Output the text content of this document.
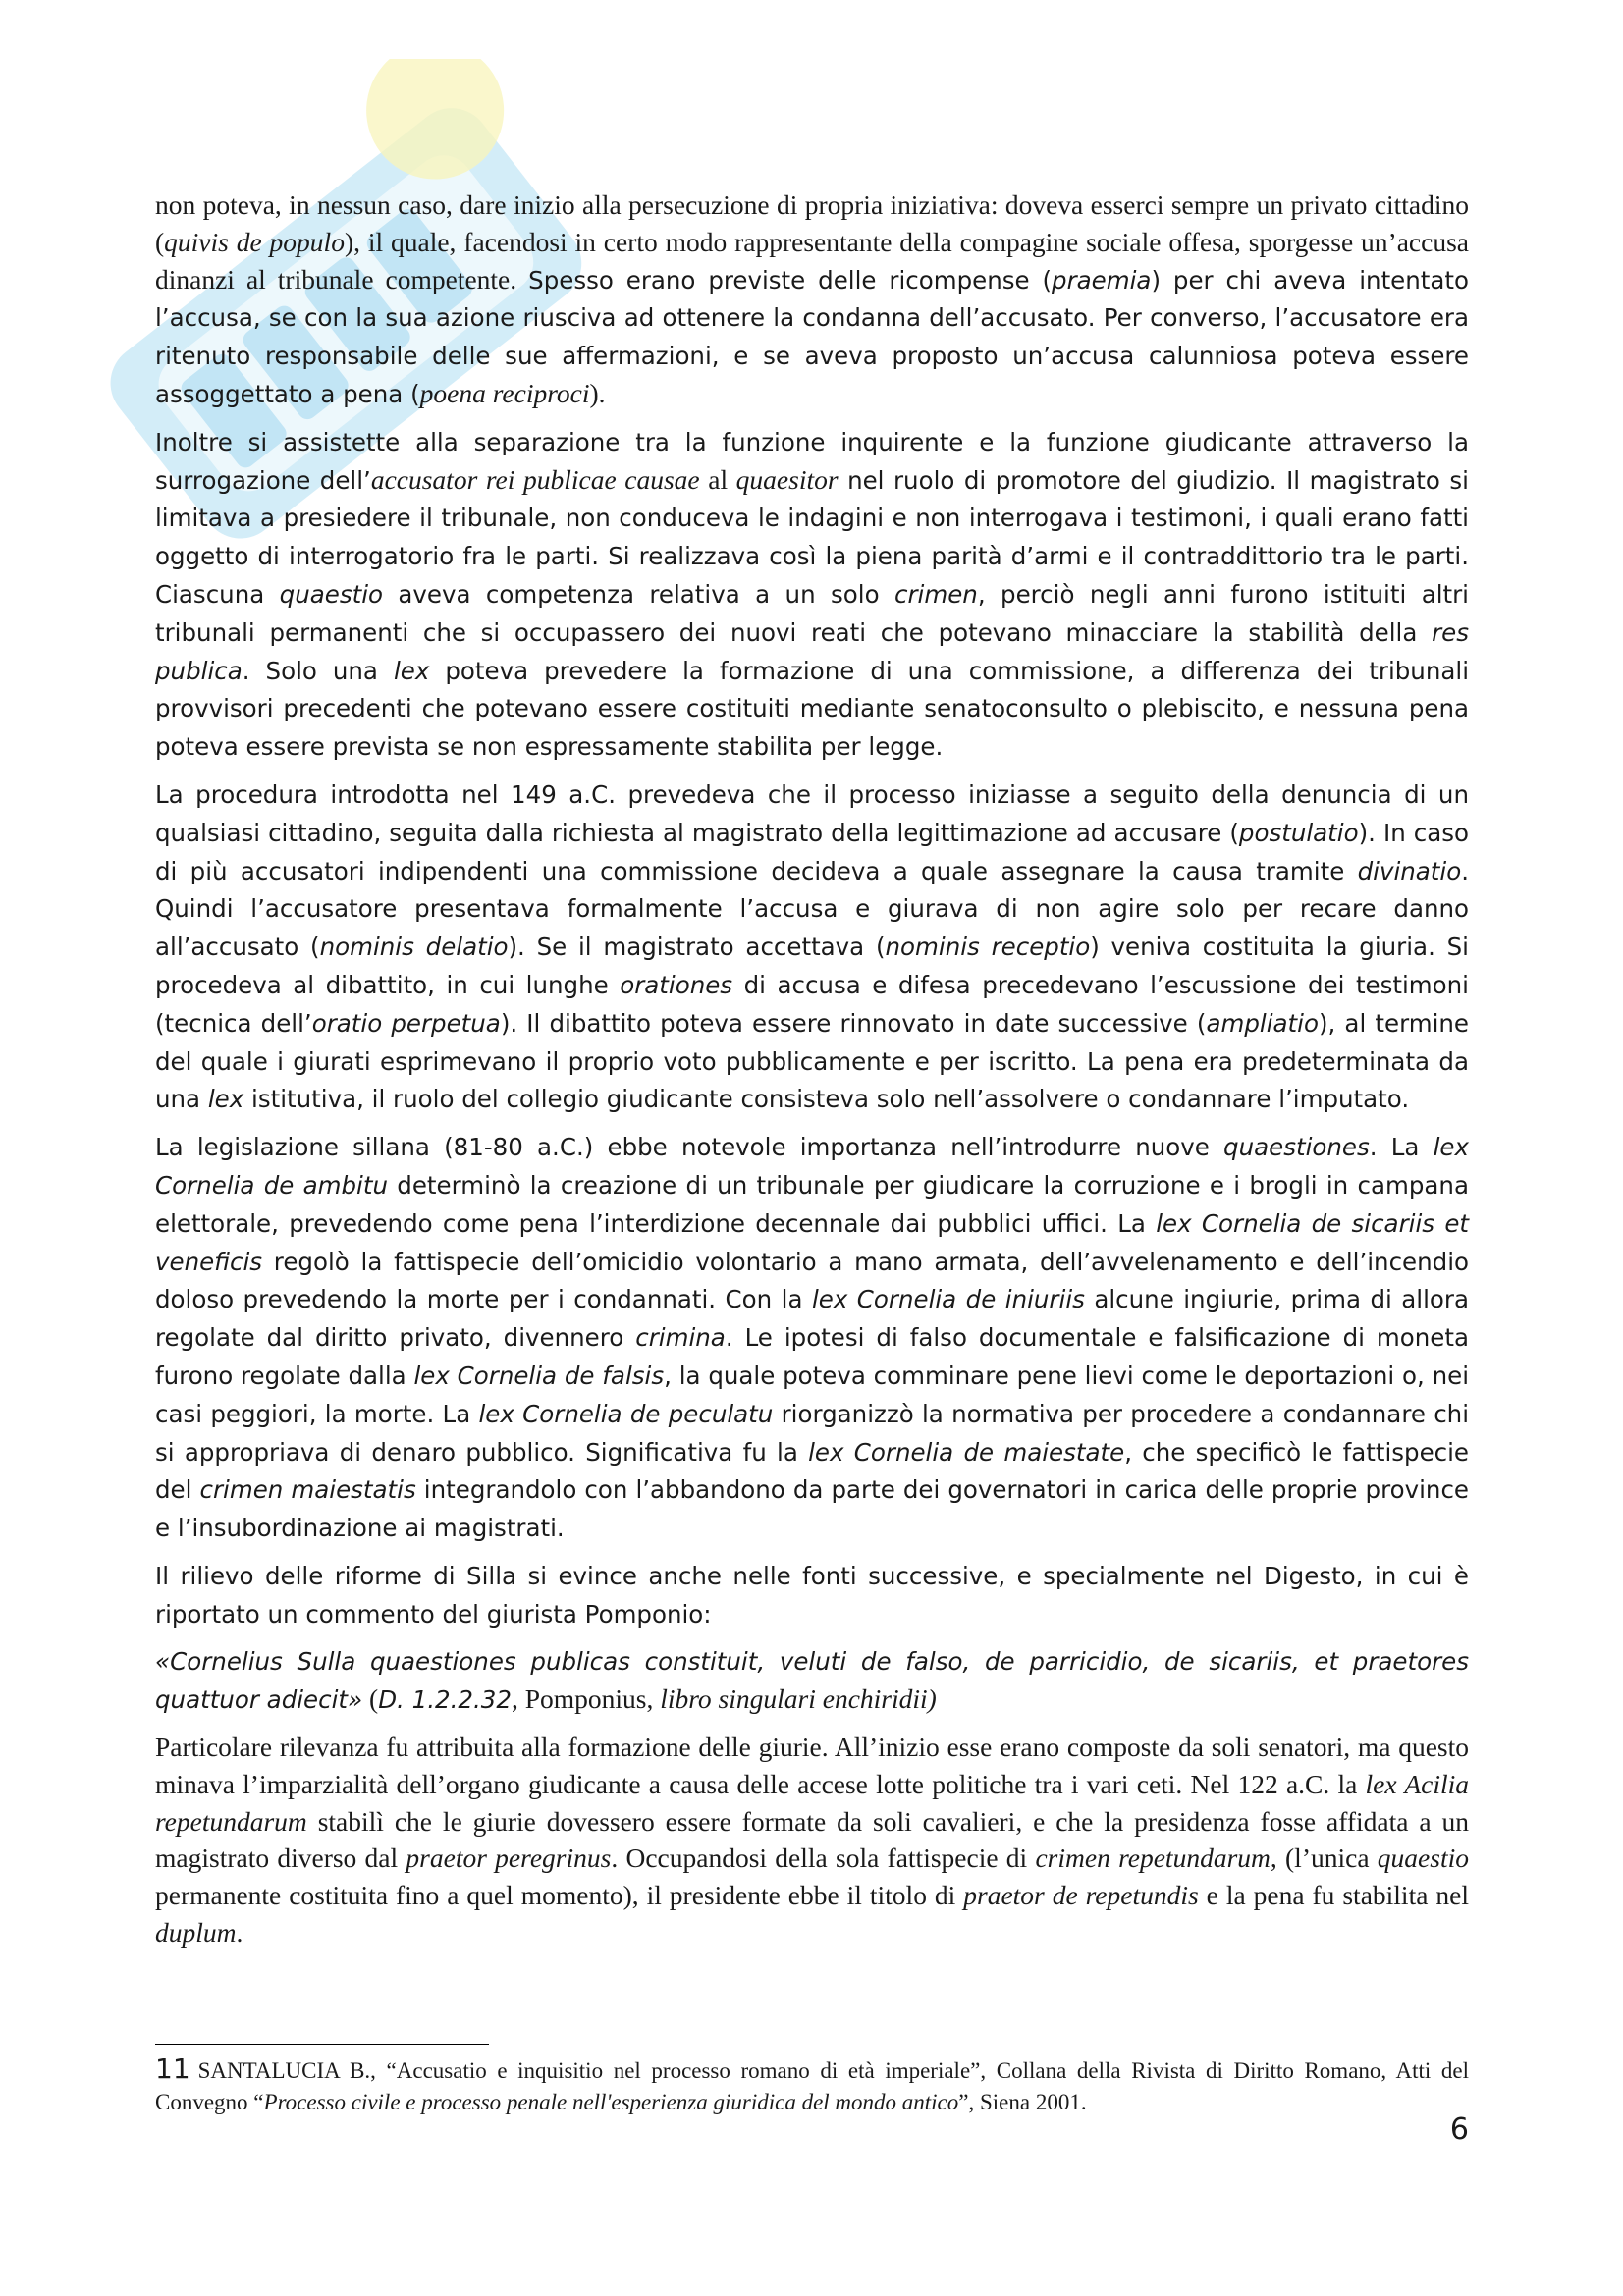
non poteva, in nessun caso, dare inizio alla persecuzione di propria iniziativa: doveva esserci sempre un privato cittadino (quivis de populo), il quale, facendosi in certo modo rappresentante della compagine sociale offesa, sporgesse un’accusa dinanzi al tribunale competente. Spesso erano previste delle ricompense (praemia) per chi aveva intentato l’accusa, se con la sua azione riusciva ad ottenere la condanna dell’accusato. Per converso, l’accusatore era ritenuto responsabile delle sue affermazioni, e se aveva proposto un’accusa calunniosa poteva essere assoggettato a pena (poena reciproci).

Inoltre si assistette alla separazione tra la funzione inquirente e la funzione giudicante attraverso la surrogazione dell’accusator rei publicae causae al quaesitor nel ruolo di promotore del giudizio. Il magistrato si limitava a presiedere il tribunale, non conduceva le indagini e non interrogava i testimoni, i quali erano fatti oggetto di interrogatorio fra le parti. Si realizzava così la piena parità d’armi e il contraddittorio tra le parti. Ciascuna quaestio aveva competenza relativa a un solo crimen, perciò negli anni furono istituiti altri tribunali permanenti che si occupassero dei nuovi reati che potevano minacciare la stabilità della res publica. Solo una lex poteva prevedere la formazione di una commissione, a differenza dei tribunali provvisori precedenti che potevano essere costituiti mediante senatoconsulto o plebiscito, e nessuna pena poteva essere prevista se non espressamente stabilita per legge.

La procedura introdotta nel 149 a.C. prevedeva che il processo iniziasse a seguito della denuncia di un qualsiasi cittadino, seguita dalla richiesta al magistrato della legittimazione ad accusare (postulatio). In caso di più accusatori indipendenti una commissione decideva a quale assegnare la causa tramite divinatio. Quindi l’accusatore presentava formalmente l’accusa e giurava di non agire solo per recare danno all’accusato (nominis delatio). Se il magistrato accettava (nominis receptio) veniva costituita la giuria. Si procedeva al dibattito, in cui lunghe orationes di accusa e difesa precedevano l’escussione dei testimoni (tecnica dell’oratio perpetua). Il dibattito poteva essere rinnovato in date successive (ampliatio), al termine del quale i giurati esprimevano il proprio voto pubblicamente e per iscritto. La pena era predeterminata da una lex istitutiva, il ruolo del collegio giudicante consisteva solo nell’assolvere o condannare l’imputato.

La legislazione sillana (81-80 a.C.) ebbe notevole importanza nell’introdurre nuove quaestiones. La lex Cornelia de ambitu determinò la creazione di un tribunale per giudicare la corruzione e i brogli in campana elettorale, prevedendo come pena l’interdizione decennale dai pubblici uffici. La lex Cornelia de sicariis et veneficis regolò la fattispecie dell’omicidio volontario a mano armata, dell’avvelenamento e dell’incendio doloso prevedendo la morte per i condannati. Con la lex Cornelia de iniuriis alcune ingiurie, prima di allora regolate dal diritto privato, divennero crimina. Le ipotesi di falso documentale e falsificazione di moneta furono regolate dalla lex Cornelia de falsis, la quale poteva comminare pene lievi come le deportazioni o, nei casi peggiori, la morte. La lex Cornelia de peculatu riorganizzò la normativa per procedere a condannare chi si appropriava di denaro pubblico. Significativa fu la lex Cornelia de maiestate, che specificò le fattispecie del crimen maiestatis integrandolo con l’abbandono da parte dei governatori in carica delle proprie province e l’insubordinazione ai magistrati.

Il rilievo delle riforme di Silla si evince anche nelle fonti successive, e specialmente nel Digesto, in cui è riportato un commento del giurista Pomponio:

«Cornelius Sulla quaestiones publicas constituit, veluti de falso, de parricidio, de sicariis, et praetores quattuor adiecit» (D. 1.2.2.32, Pomponius, libro singulari enchiridii)

Particolare rilevanza fu attribuita alla formazione delle giurie. All’inizio esse erano composte da soli senatori, ma questo minava l’imparzialità dell’organo giudicante a causa delle accese lotte politiche tra i vari ceti. Nel 122 a.C. la lex Acilia repetundarum stabilì che le giurie dovessero essere formate da soli cavalieri, e che la presidenza fosse affidata a un magistrato diverso dal praetor peregrinus. Occupandosi della sola fattispecie di crimen repetundarum, (l’unica quaestio permanente costituita fino a quel momento), il presidente ebbe il titolo di praetor de repetundis e la pena fu stabilita nel duplum.

11 SANTALUCIA B., “Accusatio e inquisitio nel processo romano di età imperiale”, Collana della Rivista di Diritto Romano, Atti del Convegno “Processo civile e processo penale nell'esperienza giuridica del mondo antico”, Siena 2001.
6
